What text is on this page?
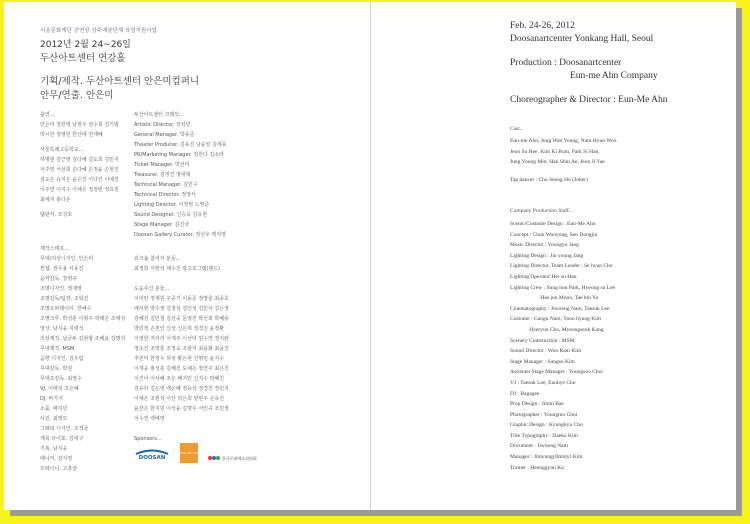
서울문화재단 공연장 상주예술단체 육성지원사업
2012년 2월 24~26일
두산아트센터 연강홀
기획/제작. 두산아트센터 안은미컴퍼니
안무/연출. 안은미
출연...
안은미 정원영 남현우 전수희 김기범
박시한 정영민 한산애 전재혜
서울특례고등학교...
하명현 김근영 김다혜 김도희 김민지
서주연 서선희 손다혜 손정윤 손현진
심도은 유지은 윤은진 이다린 이예진
이주연 이지수 이채은 정정빈 정효원
최예지 홍다은
탭댄서. 조성호
제작스태프...
무대/의상디자인. 안은미
컨셉. 권우용 서동진
음악감독. 장영규
조명디자인. 정재영
조명감독/팀장. 조혁진
조명오퍼레이터. 한혜수
조명크루. 박성훈 이형주 곽래은 조태성
영상. 남지웅 지태석
의상제작. 남궁두 김현항 조혜윤 강명석
무대제작. MSM
음향 디자인. 김우람
무대감독. 박원
무대조감독. 최영수
VJ. 이태석 조은혜
DJ. 바가지
소품. 배지민
사진. 최영모
그래픽 디자인. 조경국
제목 타이포. 김대구
기록. 남지웅
매니저. 김지영
트레이너. 고흥균
두산아트센터 크레딧...
Artistic Director. 장석민
General Manager. 박동준
Theater Producer. 김유진 남윤일 김세동
PR/Marketing Manager. 정원다 김소라
Ticket Manager. 박선미
Treasurer. 김정진 정대혁
Technical Manager. 김민수
Technical Director. 정영서
Lighting Director. 이정현 노영준
Sound Designer. 신승욱 김유현
Stage Manager. 김진국
Doosan Gallery Curator. 정선우 백지영
워크숍 참여자 분들...
최정희 서현석 채수진 광고포그램(랜드)
도움주신 분들...
이미란 정재원 구중기 이동준 정영훈 최종호
배서현 박수정 김정석 김인성 김민서 김은정
김혜선 김민철 김선숙 문영진 박선희 박혜용
박민정 손천인 신상 신은희 정경진 윤정환
이영한 저자리 이재주 이선덕 임수연 정지완
정소진 조영훈 조정숙 조광자 최윤화 최윤진
추원미 한정우 허성 황은현 신명민 윤지수
이재웅 홍성훈 김혜진 도예은 장연주 최은진
이진아 이사혜 조은 배지민 신지수 박혜진
김유하 김은영 백은혜 정유석 정경진 정민지
이예은 조현석 이산 허은희 양현주 손유진
윤찬은 한지원 이석윤 김명우 서인규 조민정
이수연 백예영
Sponsors...
DOOSAN
SEOUL ART SPACE
한국문화예술위원회
Feb. 24-26, 2012
Doosanartcenter Yonkang Hall, Seoul
Production : Doosanartcenter
Eun-me Ahn Company
Choreographer & Director : Eun-Me Ahn
Cast...
Eun-me Ahn, Jung Wan Young, Nam Hyun Woo
Jeon Su Hee, Kim Ki Bum, Park Si Han,
Jung Young Min, Han Shin Ae, Jeon Ji Yae
Tap dancer : Cho Seong Ho (Joker)
Company Production Staff...
Scenic/Costume Design : Eun-Me Ahn
Concept : Chun Wooyong, Seo Dongjin
Music Director : Youngyu Jang
Lighting Design : Jin young Jang
Lighting Director, Team Leader : Se hyun Cho
Lighting Operator:Her su Han
Lighting Crew : Sung hun Park, Hyeong su Lee
Hae jun Moon, Tae bin Yu
Cinematography : Jiwoong Nam, Taesuk Lee
Costume : Gangu Nam, Yoon hyung Kim
Hyeryun Cho, Myeongseok Kang
Scenery Construction : MSM
Sound Director : Woo Ram Kim
Stage Manager : Sungsu Kim
Assistant Stage Manager : Youngsoo Choi
VJ : Taesuk Lee, Eunhye Cho
DJ : Bagagee
Prop Design : Jimin Bae
Photographer : Youngmo Choi
Graphic Design : Kyungkyu Cho
Title Typography : Daeku Kim
Document : Jiwoong Nam
Manager : Jimyung(Jimmy) Kim
Trainer : Heunggyun Ko
